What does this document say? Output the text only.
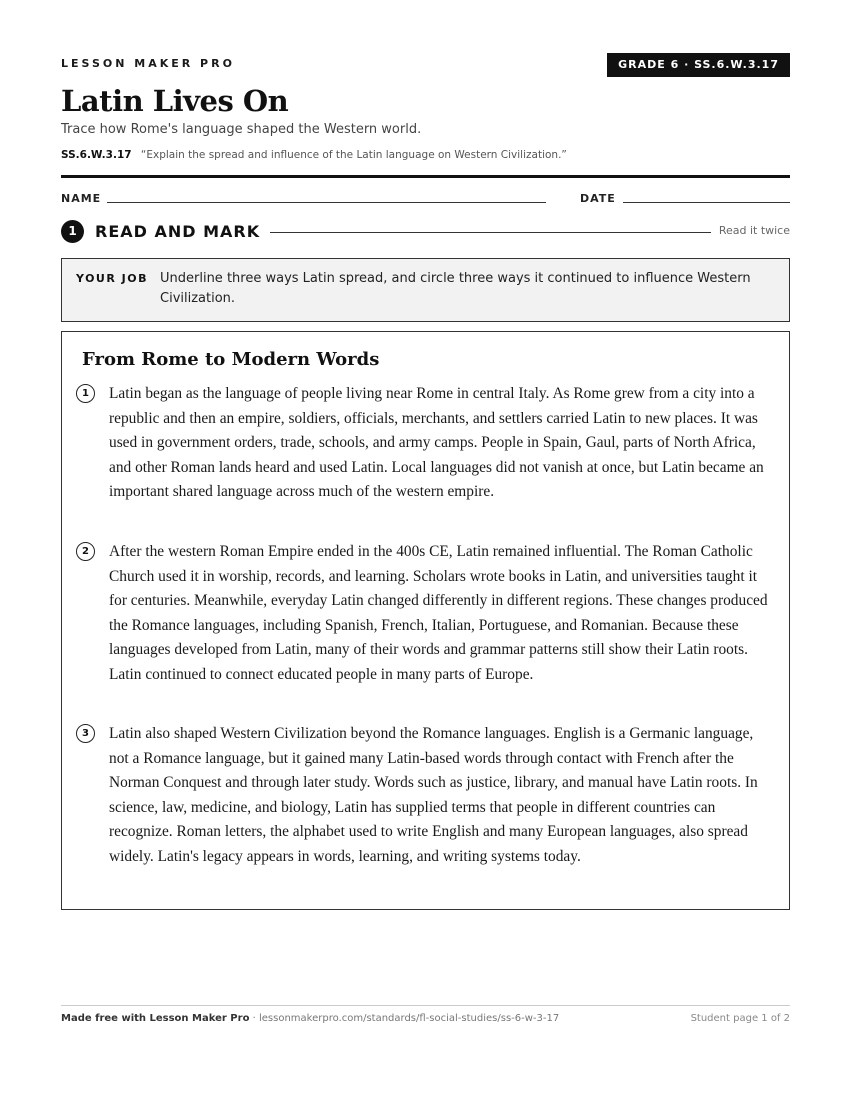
LESSON MAKER PRO	GRADE 6 · SS.6.W.3.17
Latin Lives On
Trace how Rome's language shaped the Western world.
SS.6.W.3.17 “Explain the spread and influence of the Latin language on Western Civilization.”
NAME	DATE
1	READ AND MARK	Read it twice
YOUR JOB Underline three ways Latin spread, and circle three ways it continued to influence Western Civilization.
From Rome to Modern Words
1	Latin began as the language of people living near Rome in central Italy. As Rome grew from a city into a republic and then an empire, soldiers, officials, merchants, and settlers carried Latin to new places. It was used in government orders, trade, schools, and army camps. People in Spain, Gaul, parts of North Africa, and other Roman lands heard and used Latin. Local languages did not vanish at once, but Latin became an important shared language across much of the western empire.

2	After the western Roman Empire ended in the 400s CE, Latin remained influential. The Roman Catholic Church used it in worship, records, and learning. Scholars wrote books in Latin, and universities taught it for centuries. Meanwhile, everyday Latin changed differently in different regions. These changes produced the Romance languages, including Spanish, French, Italian, Portuguese, and Romanian. Because these languages developed from Latin, many of their words and grammar patterns still show their Latin roots. Latin continued to connect educated people in many parts of Europe.

3	Latin also shaped Western Civilization beyond the Romance languages. English is a Germanic language, not a Romance language, but it gained many Latin-based words through contact with French after the Norman Conquest and through later study. Words such as justice, library, and manual have Latin roots. In science, law, medicine, and biology, Latin has supplied terms that people in different countries can recognize. Roman letters, the alphabet used to write English and many European languages, also spread widely. Latin's legacy appears in words, learning, and writing systems today.

Made free with Lesson Maker Pro · lessonmakerpro.com/standards/fl-social-studies/ss-6-w-3-17	Student page 1 of 2
